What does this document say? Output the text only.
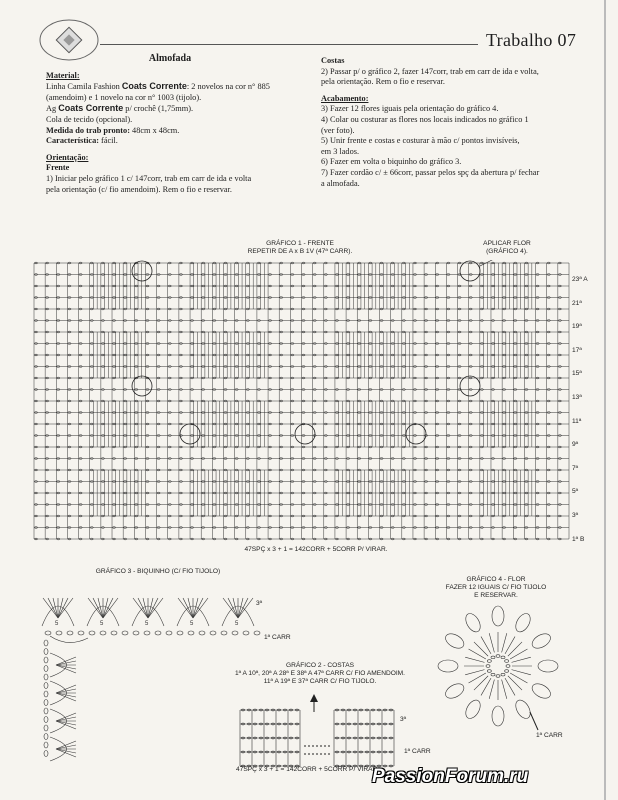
Trabalho 07

Almofada

Material:

Linha Camila Fashion Coats Corrente: 2 novelos na cor n° 885

(amendoim) e 1 novelo na cor n° 1003 (tijolo).

Ag Coats Corrente p/ crochê (1,75mm).

Cola de tecido (opcional).

Medida do trab pronto: 48cm x 48cm.

Característica: fácil.

Orientação:

Frente

1) Iniciar pelo gráfico 1 c/ 147corr, trab em carr de ida e volta

pela orientação (c/ fio amendoim). Rem o fio e reservar.

Costas

2) Passar p/ o gráfico 2, fazer 147corr, trab em carr de ida e volta,

pela orientação. Rem o fio e reservar.

Acabamento:

3) Fazer 12 flores iguais pela orientação do gráfico 4.

4) Colar ou costurar as flores nos locais indicados no gráfico 1

(ver foto).

5) Unir frente e costas e costurar à mão c/ pontos invisíveis,

em 3 lados.

6) Fazer em volta o biquinho do gráfico 3.

7) Fazer cordão c/ ± 66corr, passar pelos spç da abertura p/ fechar

a almofada.

GRÁFICO 1 - FRENTE
REPETIR DE A x B 1V (47ª CARR).
APLICAR FLOR
(GRÁFICO 4).
23ª A
21ª
19ª
17ª
15ª
13ª
11ª
9ª
7ª
5ª
3ª
1ª B
47SPÇ x 3 + 1 = 142CORR + 5CORR P/ VIRAR.
GRÁFICO 3 - BIQUINHO (C/ FIO TIJOLO)
5	5	5	5	5
3ª
1ª CARR
GRÁFICO 2 - COSTAS
1ª A 10ª, 20ª A 28ª E 38ª A 47ª CARR C/ FIO AMENDOIM.
11ª A 19ª E 37ª CARR C/ FIO TIJOLO.
3ª
1ª CARR
47SPÇ x 3 + 1 = 142CORR + 5CORR P/ VIRAR
GRÁFICO 4 - FLOR
FAZER 12 IGUAIS C/ FIO TIJOLO
E RESERVAR.
1ª CARR
PassionForum.ru
